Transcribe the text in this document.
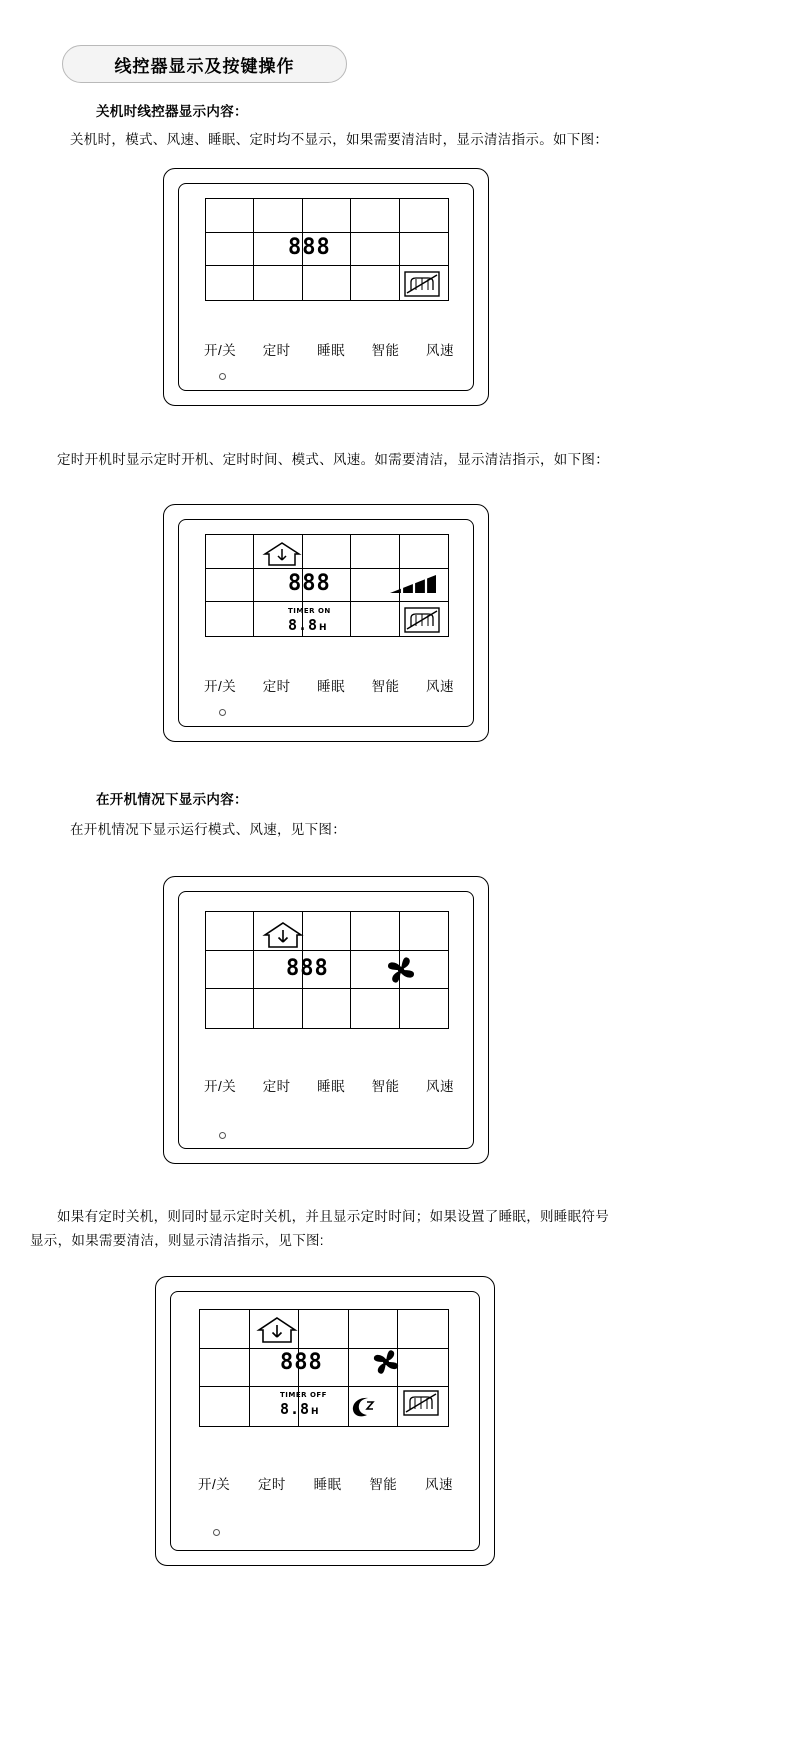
线控器显示及按键操作
关机时线控器显示内容：
关机时，模式、风速、睡眠、定时均不显示，如果需要清洁时，显示清洁指示。如下图：
888
开/关 定时 睡眠 智能 风速
定时开机时显示定时开机、定时时间、模式、风速。如需要清洁，显示清洁指示，如下图：
888
TIMER ON
8.8 H
开/关 定时 睡眠 智能 风速
在开机情况下显示内容：
在开机情况下显示运行模式、风速，见下图：
888
开/关 定时 睡眠 智能 风速
如果有定时关机，则同时显示定时关机，并且显示定时时间；如果设置了睡眠，则睡眠符号
显示，如果需要清洁，则显示清洁指示，见下图:
888
TIMER OFF
8.8 H
开/关 定时 睡眠 智能 风速
